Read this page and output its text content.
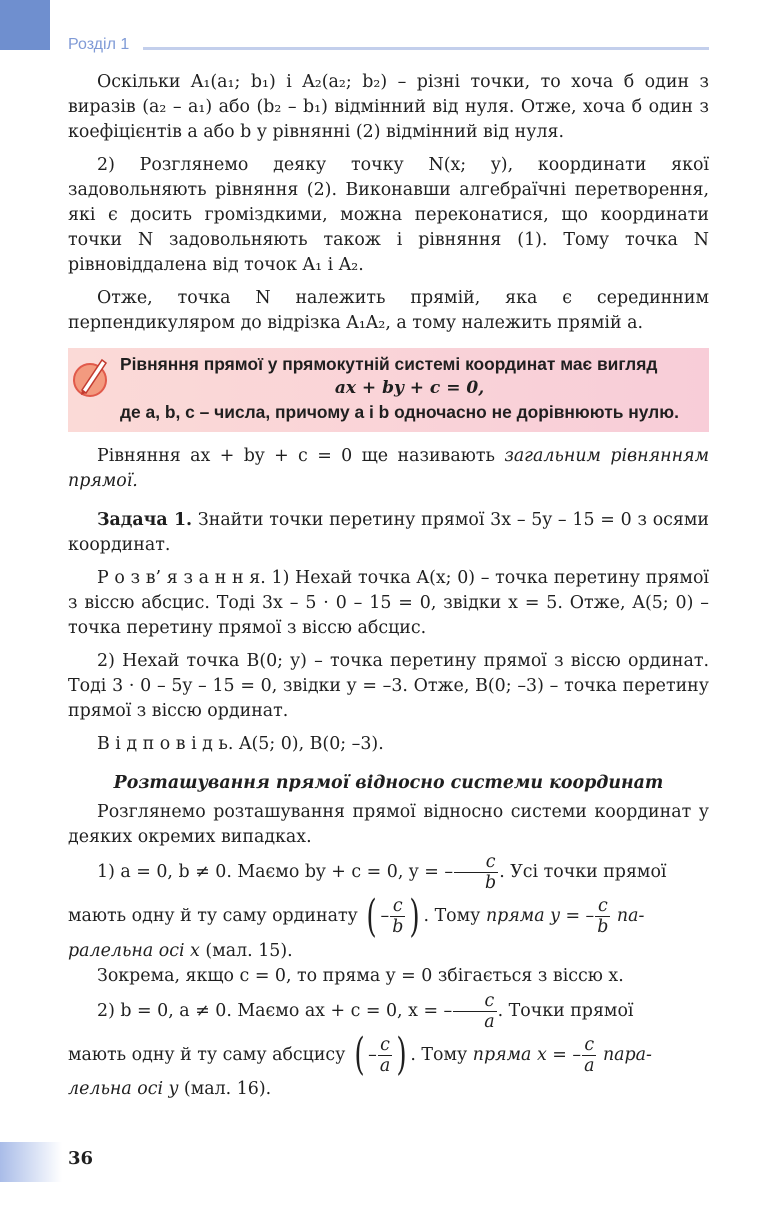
Розділ 1

Оскільки A₁(a₁; b₁) і A₂(a₂; b₂) – різні точки, то хоча б один з виразів (a₂ – a₁) або (b₂ – b₁) відмінний від нуля. Отже, хоча б один з коефіцієнтів a або b у рівнянні (2) відмінний від нуля.

2) Розглянемо деяку точку N(x; y), координати якої задовольняють рівняння (2). Виконавши алгебраїчні перетворення, які є досить громіздкими, можна переконатися, що координати точки N задовольняють також і рівняння (1). Тому точка N рівновіддалена від точок A₁ і A₂.

Отже, точка N належить прямій, яка є серединним перпендикуляром до відрізка A₁A₂, а тому належить прямій a.

Рівняння прямої у прямокутній системі координат має вигляд
ax + by + c = 0,
де a, b, c – числа, причому a і b одночасно не дорівнюють нулю.

Рівняння ax + by + c = 0 ще називають загальним рівнянням прямої.

Задача 1. Знайти точки перетину прямої 3x – 5y – 15 = 0 з осями координат.

Р о з в’ я з а н н я. 1) Нехай точка A(x; 0) – точка перетину прямої з віссю абсцис. Тоді 3x – 5 · 0 – 15 = 0, звідки x = 5. Отже, A(5; 0) – точка перетину прямої з віссю абсцис.

2) Нехай точка B(0; y) – точка перетину прямої з віссю ординат. Тоді 3 · 0 – 5y – 15 = 0, звідки y = –3. Отже, B(0; –3) – точка перетину прямої з віссю ординат.

В і д п о в і д ь. A(5; 0), B(0; –3).

Розташування прямої відносно системи координат

Розглянемо розташування прямої відносно системи координат у деяких окремих випадках.

1) a = 0, b ≠ 0. Маємо by + c = 0, y = – $\frac{c}{b}$ . Усі точки прямої

мають одну й ту саму ординату ( – $\frac{c}{b}$ ) . Тому пряма y = – $\frac{c}{b} па-$

ралельна осі x (мал. 15).

Зокрема, якщо c = 0, то пряма y = 0 збігається з віссю x.

2) b = 0, a ≠ 0. Маємо ax + c = 0, x = – $\frac{c}{a}$ . Точки прямої

мають одну й ту саму абсцису ( – $\frac{c}{a}$ ) . Тому пряма x = – $\frac{c}{a}$ пара-

лельна осі y (мал. 16).

36
